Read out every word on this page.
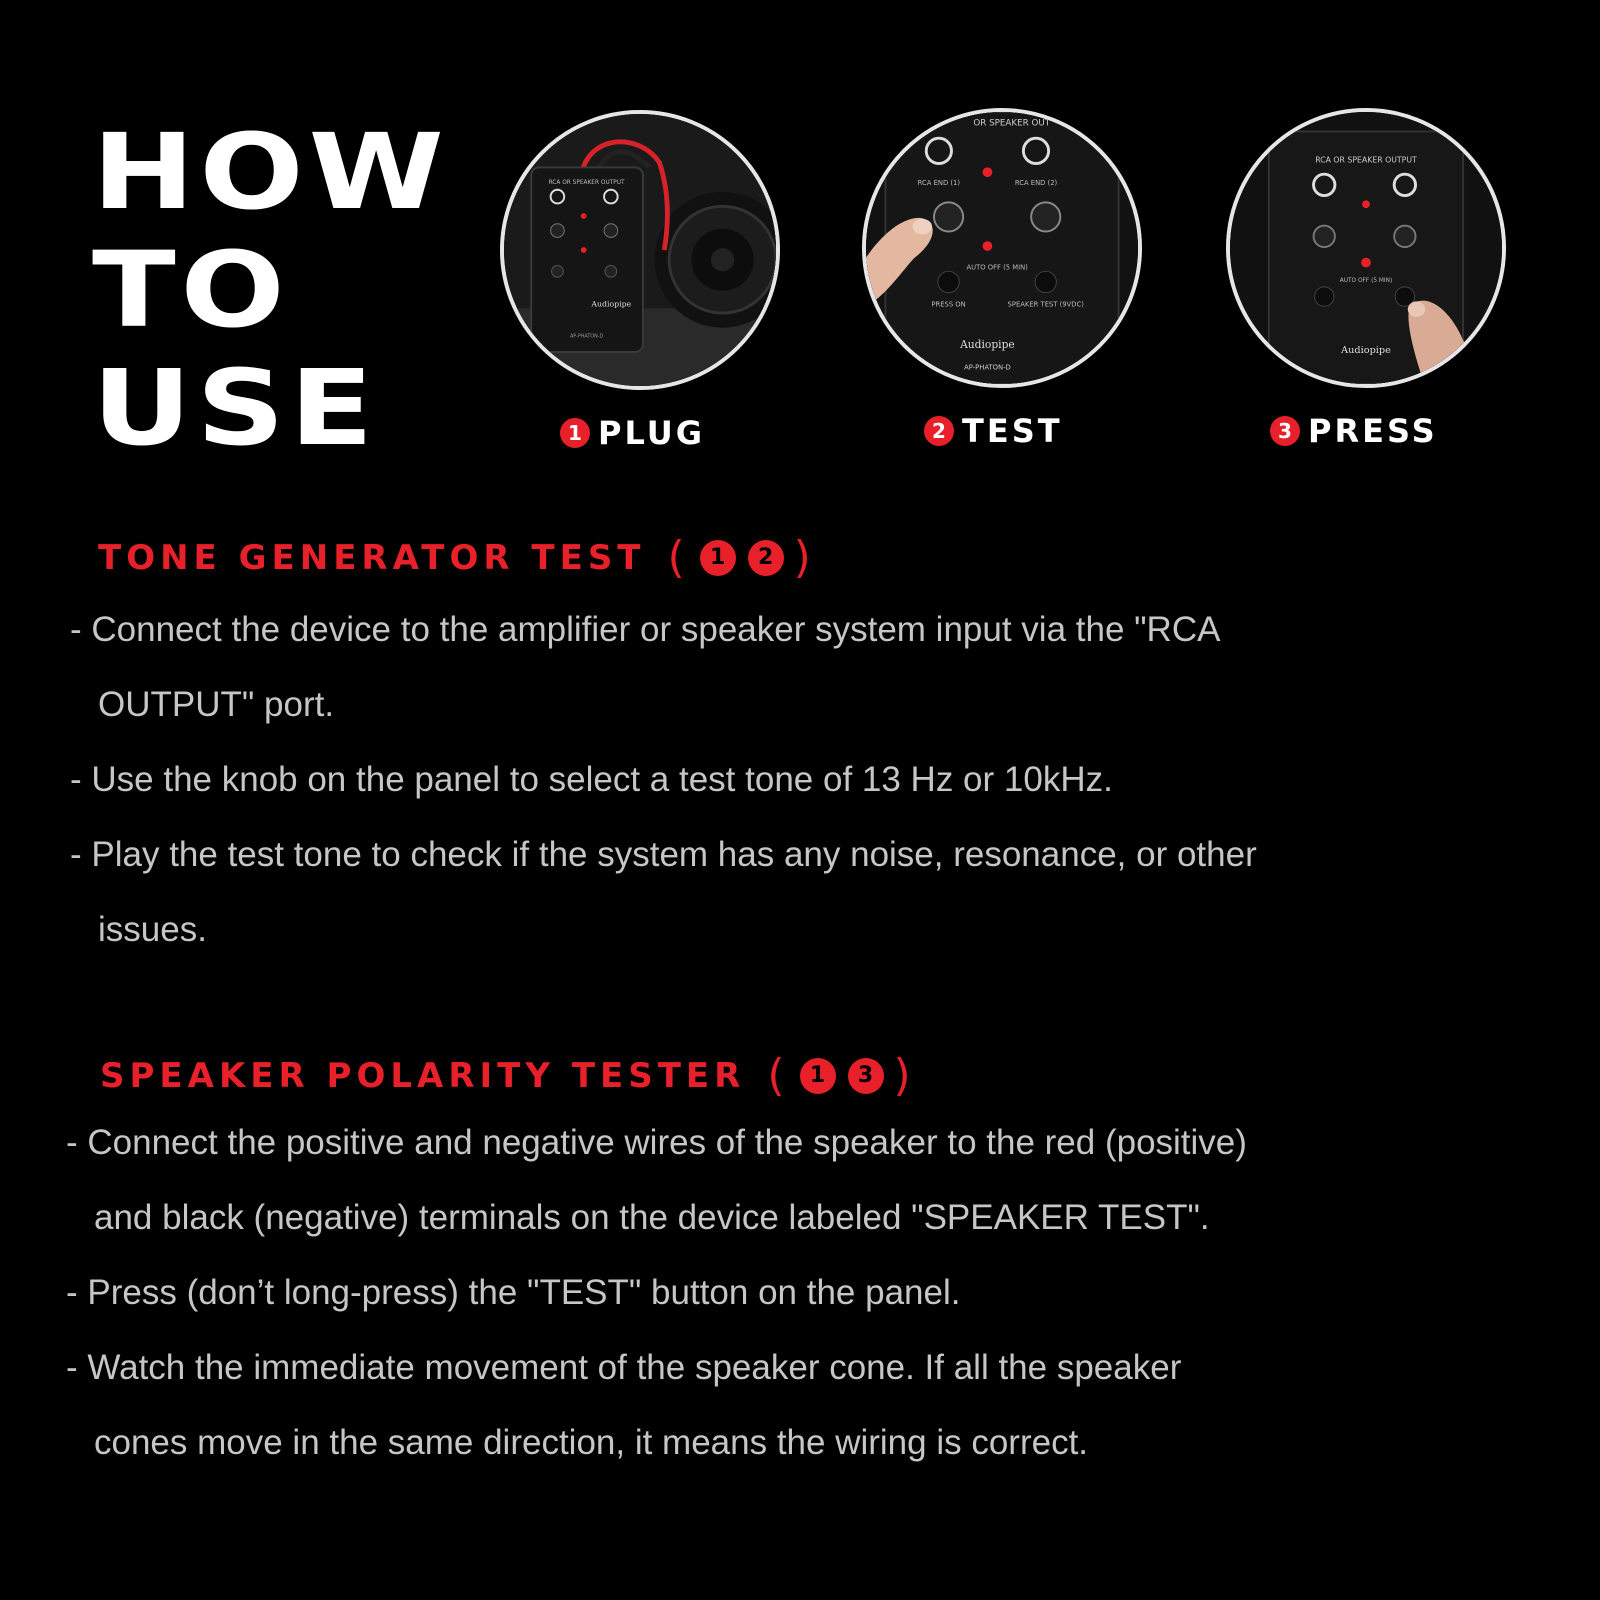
HOW
TO
USE
RCA OR SPEAKER OUTPUT
Audiopipe
AP-PHATON-D
OR SPEAKER OUT
RCA END (1)	RCA END (2)
AUTO OFF (5 MIN)
PRESS ON	SPEAKER TEST (9VDC)
Audiopipe
AP-PHATON-D
RCA OR SPEAKER OUTPUT
AUTO OFF (5 MIN)
Audiopipe
1 PLUG	2 TEST	3 PRESS
TONE GENERATOR TEST ( 1	2 )
- Connect the device to the amplifier or speaker system input via the "RCA
OUTPUT" port.
- Use the knob on the panel to select a test tone of 13 Hz or 10kHz.
- Play the test tone to check if the system has any noise, resonance, or other
issues.
SPEAKER POLARITY TESTER ( 1	3 )
- Connect the positive and negative wires of the speaker to the red (positive)
and black (negative) terminals on the device labeled "SPEAKER TEST".
- Press (don’t long-press) the "TEST" button on the panel.
- Watch the immediate movement of the speaker cone. If all the speaker
cones move in the same direction, it means the wiring is correct.
